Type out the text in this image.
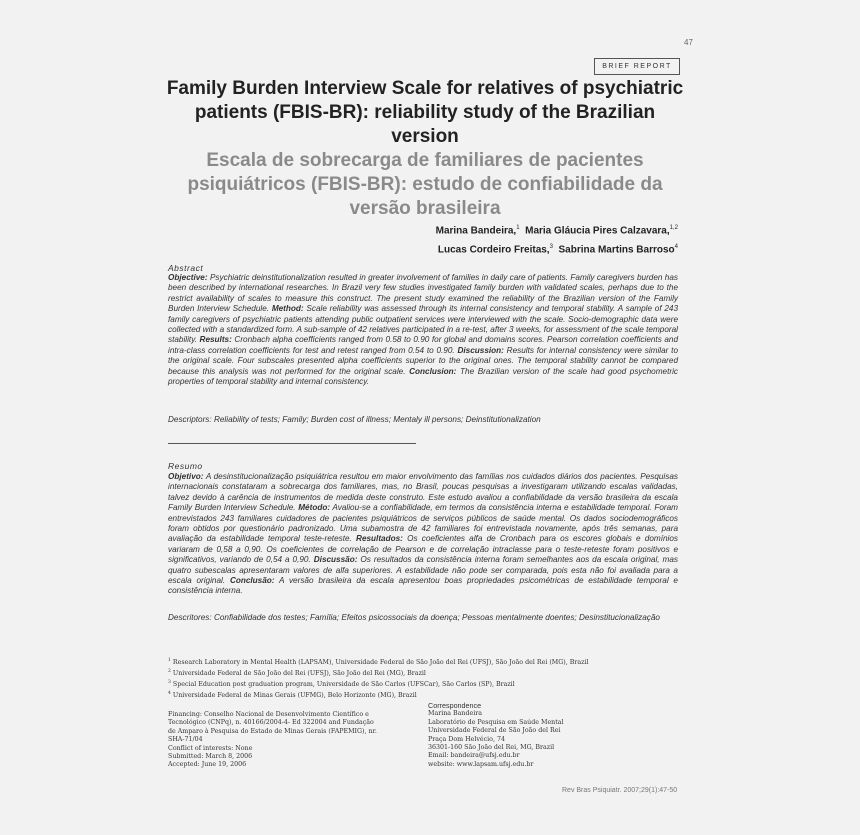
47
BRIEF REPORT
Family Burden Interview Scale for relatives of psychiatric patients (FBIS-BR): reliability study of the Brazilian version
Escala de sobrecarga de familiares de pacientes psiquiátricos (FBIS-BR): estudo de confiabilidade da versão brasileira
Marina Bandeira,$^1$ Maria Gláucia Pires Calzavara,$^{1,2}$
Lucas Cordeiro Freitas,$^3$ Sabrina Martins Barroso$^4$
Abstract
Objective: Psychiatric deinstitutionalization resulted in greater involvement of families in daily care of patients. Family caregivers burden has been described by international researches. In Brazil very few studies investigated family burden with validated scales, perhaps due to the restrict availability of scales to measure this construct. The present study examined the reliability of the Brazilian version of the Family Burden Interview Schedule. Method: Scale reliability was assessed through its internal consistency and temporal stability. A sample of 243 family caregivers of psychiatric patients attending public outpatient services were interviewed with the scale. Socio-demographic data were collected with a standardized form. A sub-sample of 42 relatives participated in a re-test, after 3 weeks, for assessment of the scale temporal stability. Results: Cronbach alpha coefficients ranged from 0.58 to 0.90 for global and domains scores. Pearson correlation coefficients and intra-class correlation coefficients for test and retest ranged from 0.54 to 0.90. Discussion: Results for internal consistency were similar to the original scale. Four subscales presented alpha coefficients superior to the original ones. The temporal stability cannot be compared because this analysis was not performed for the original scale. Conclusion: The Brazilian version of the scale had good psychometric properties of temporal stability and internal consistency.
Descriptors: Reliability of tests; Family; Burden cost of illness; Mentaly ill persons; Deinstitutionalization
Resumo
Objetivo: A desinstitucionalização psiquiátrica resultou em maior envolvimento das famílias nos cuidados diários dos pacientes. Pesquisas internacionais constataram a sobrecarga dos familiares, mas, no Brasil, poucas pesquisas a investigaram utilizando escalas validadas, talvez devido à carência de instrumentos de medida deste construto. Este estudo avaliou a confiabilidade da versão brasileira da escala Family Burden Interview Schedule. Método: Avaliou-se a confiabilidade, em termos da consistência interna e estabilidade temporal. Foram entrevistados 243 familiares cuidadores de pacientes psiquiátricos de serviços públicos de saúde mental. Os dados sociodemográficos foram obtidos por questionário padronizado. Uma subamostra de 42 familiares foi entrevistada novamente, após três semanas, para avaliação da estabilidade temporal teste-reteste. Resultados: Os coeficientes alfa de Cronbach para os escores globais e domínios variaram de 0,58 a 0,90. Os coeficientes de correlação de Pearson e de correlação intraclasse para o teste-reteste foram positivos e significativos, variando de 0,54 a 0,90. Discussão: Os resultados da consistência interna foram semelhantes aos da escala original, mas quatro subescalas apresentaram valores de alfa superiores. A estabilidade não pode ser comparada, pois esta não foi avaliada para a escala original. Conclusão: A versão brasileira da escala apresentou boas propriedades psicométricas de estabilidade temporal e consistência interna.
Descritores: Confiabilidade dos testes; Família; Efeitos psicossociais da doença; Pessoas mentalmente doentes; Desinstitucionalização
$^1$ Research Laboratory in Mental Health (LAPSAM), Universidade Federal de São João del Rei (UFSJ), São João del Rei (MG), Brazil
$^2$ Universidade Federal de São João del Rei (UFSJ), São João del Rei (MG), Brazil
$^3$ Special Education post graduation program, Universidade de São Carlos (UFSCar), São Carlos (SP), Brazil
$^4$ Universidade Federal de Minas Gerais (UFMG), Belo Horizonte (MG), Brazil
Financing: Conselho Nacional de Desenvolvimento Científico e
Tecnológico (CNPq), n. 40166/2004-4- Ed 322004 and Fundação
de Amparo à Pesquisa do Estado de Minas Gerais (FAPEMIG), nr.
SHA-71/04
Conflict of interests: None
Submitted: March 8, 2006
Accepted: June 19, 2006
Correspondence
Marina Bandeira
Laboratório de Pesquisa em Saúde Mental
Universidade Federal de São João del Rei
Praça Dom Helvécio, 74
36301-160 São João del Rei, MG, Brazil
Email: bandeira@ufsj.edu.br
website: www.lapsam.ufsj.edu.br
Rev Bras Psiquiatr. 2007;29(1):47-50
